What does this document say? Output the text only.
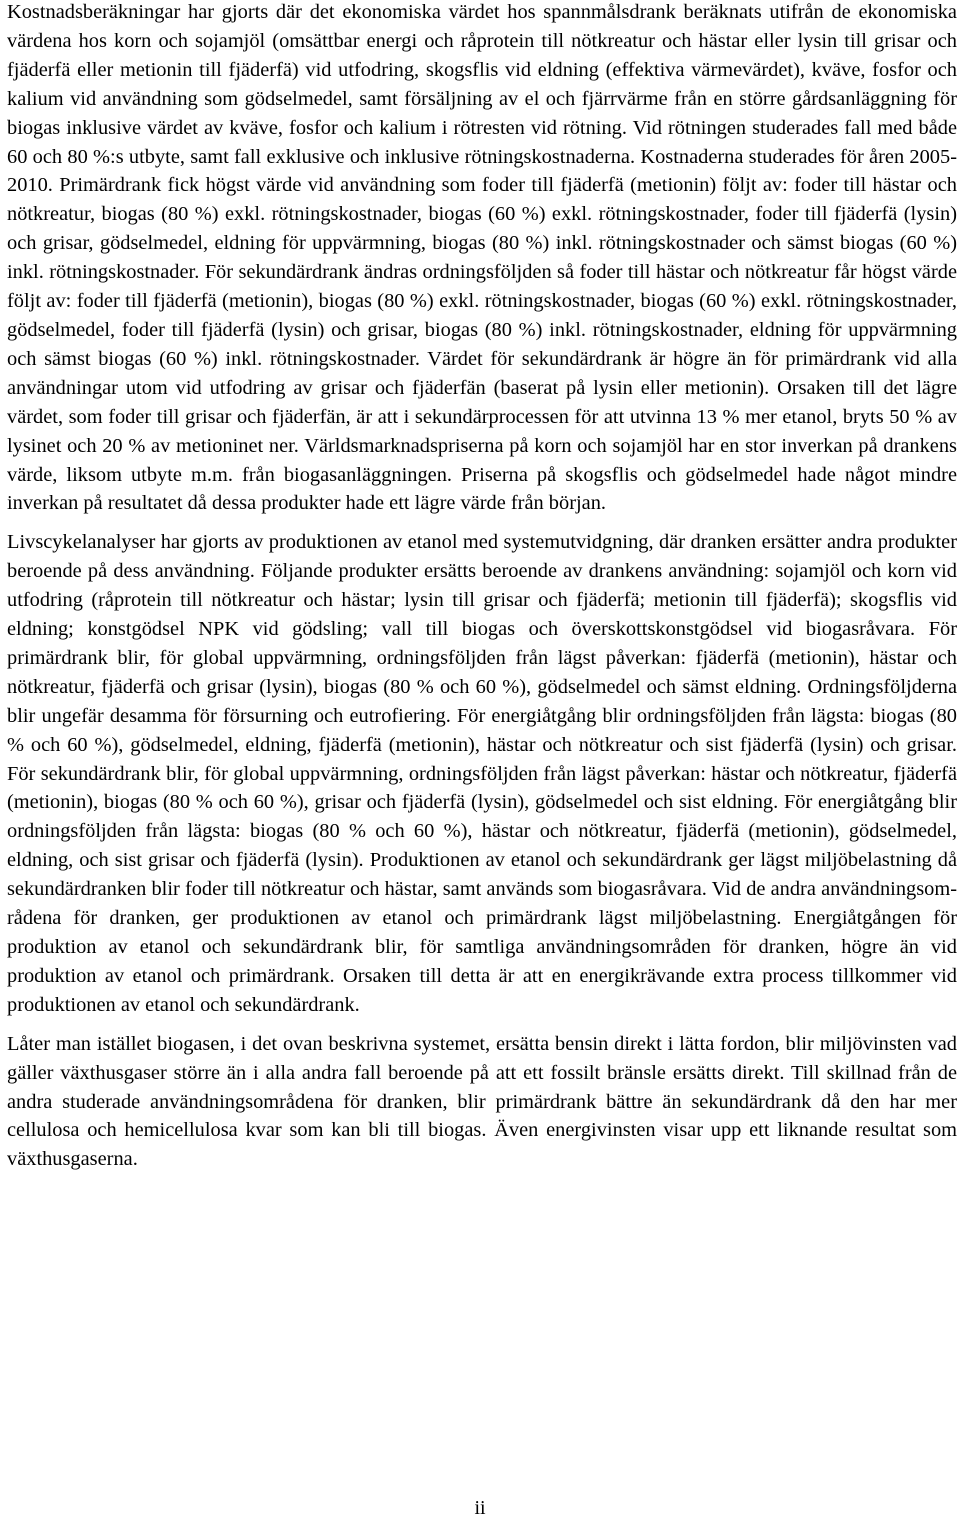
Kostnadsberäkningar har gjorts där det ekonomiska värdet hos spannmålsdrank beräknats utifrån de ekonomiska värdena hos korn och sojamjöl (omsättbar energi och råprotein till nötkreatur och hästar eller lysin till grisar och fjäderfä eller metionin till fjäderfä) vid utfodring, skogsflis vid eldning (effektiva värmevärdet), kväve, fosfor och kalium vid användning som gödselmedel, samt försäljning av el och fjärrvärme från en större gårdsanläggning för biogas inklusive värdet av kväve, fosfor och kalium i rötresten vid rötning. Vid rötningen studerades fall med både 60 och 80 %:s utbyte, samt fall exklusive och inklusive rötningskostnaderna. Kostnaderna studerades för åren 2005-2010. Primärdrank fick högst värde vid användning som foder till fjäderfä (metionin) följt av: foder till hästar och nötkreatur, biogas (80 %) exkl. rötningskostnader, biogas (60 %) exkl. rötningskostnader, foder till fjäderfä (lysin) och grisar, gödselmedel, eldning för uppvärmning, biogas (80 %) inkl. rötningskostnader och sämst biogas (60 %) inkl. rötningskostnader. För sekundärdrank ändras ordningsföljden så foder till hästar och nötkreatur får högst värde följt av: foder till fjäderfä (metionin), biogas (80 %) exkl. rötningskostnader, biogas (60 %) exkl. rötningskostnader, gödselmedel, foder till fjäderfä (lysin) och grisar, biogas (80 %) inkl. rötningskostnader, eldning för uppvärmning och sämst biogas (60 %) inkl. rötningskostnader. Värdet för sekundärdrank är högre än för primärdrank vid alla användningar utom vid utfodring av grisar och fjäderfän (baserat på lysin eller metionin). Orsaken till det lägre värdet, som foder till grisar och fjäderfän, är att i sekundärprocessen för att utvinna 13 % mer etanol, bryts 50 % av lysinet och 20 % av metioninet ner. Världsmarknadspriserna på korn och sojamjöl har en stor inverkan på drankens värde, liksom utbyte m.m. från biogasanläggningen. Priserna på skogsflis och gödselmedel hade något mindre inverkan på resultatet då dessa produkter hade ett lägre värde från början.

Livscykelanalyser har gjorts av produktionen av etanol med systemutvidgning, där dranken ersätter andra produkter beroende på dess användning. Följande produkter ersätts beroende av drankens användning: sojamjöl och korn vid utfodring (råprotein till nötkreatur och hästar; lysin till grisar och fjäderfä; metionin till fjäderfä); skogsflis vid eldning; konstgödsel NPK vid gödsling; vall till biogas och överskottskonstgödsel vid biogasråvara. För primärdrank blir, för global uppvärmning, ordningsföljden från lägst påverkan: fjäderfä (metionin), hästar och nötkreatur, fjäderfä och grisar (lysin), biogas (80 % och 60 %), gödselmedel och sämst eldning. Ordningsföljderna blir ungefär desamma för försurning och eutrofiering. För energiåtgång blir ordningsföljden från lägsta: biogas (80 % och 60 %), gödselmedel, eldning, fjäderfä (metionin), hästar och nötkreatur och sist fjäderfä (lysin) och grisar. För sekundärdrank blir, för global uppvärmning, ordningsföljden från lägst påverkan: hästar och nötkreatur, fjäderfä (metionin), biogas (80 % och 60 %), grisar och fjäderfä (lysin), gödselmedel och sist eldning. För energiåtgång blir ordningsföljden från lägsta: biogas (80 % och 60 %), hästar och nötkreatur, fjäderfä (metionin), gödselmedel, eldning, och sist grisar och fjäderfä (lysin). Produktionen av etanol och sekundärdrank ger lägst miljöbelastning då sekundärdranken blir foder till nötkreatur och hästar, samt används som biogasråvara. Vid de andra användningsområdena för dranken, ger produktionen av etanol och primärdrank lägst miljöbelastning. Energiåtgången för produktion av etanol och sekundärdrank blir, för samtliga användningsområden för dranken, högre än vid produktion av etanol och primärdrank. Orsaken till detta är att en energikrävande extra process tillkommer vid produktionen av etanol och sekundärdrank.

Låter man istället biogasen, i det ovan beskrivna systemet, ersätta bensin direkt i lätta fordon, blir miljövinsten vad gäller växthusgaser större än i alla andra fall beroende på att ett fossilt bränsle ersätts direkt. Till skillnad från de andra studerade användningsområdena för dranken, blir primärdrank bättre än sekundärdrank då den har mer cellulosa och hemicellulosa kvar som kan bli till biogas. Även energivinsten visar upp ett liknande resultat som växthusgaserna.

ii
